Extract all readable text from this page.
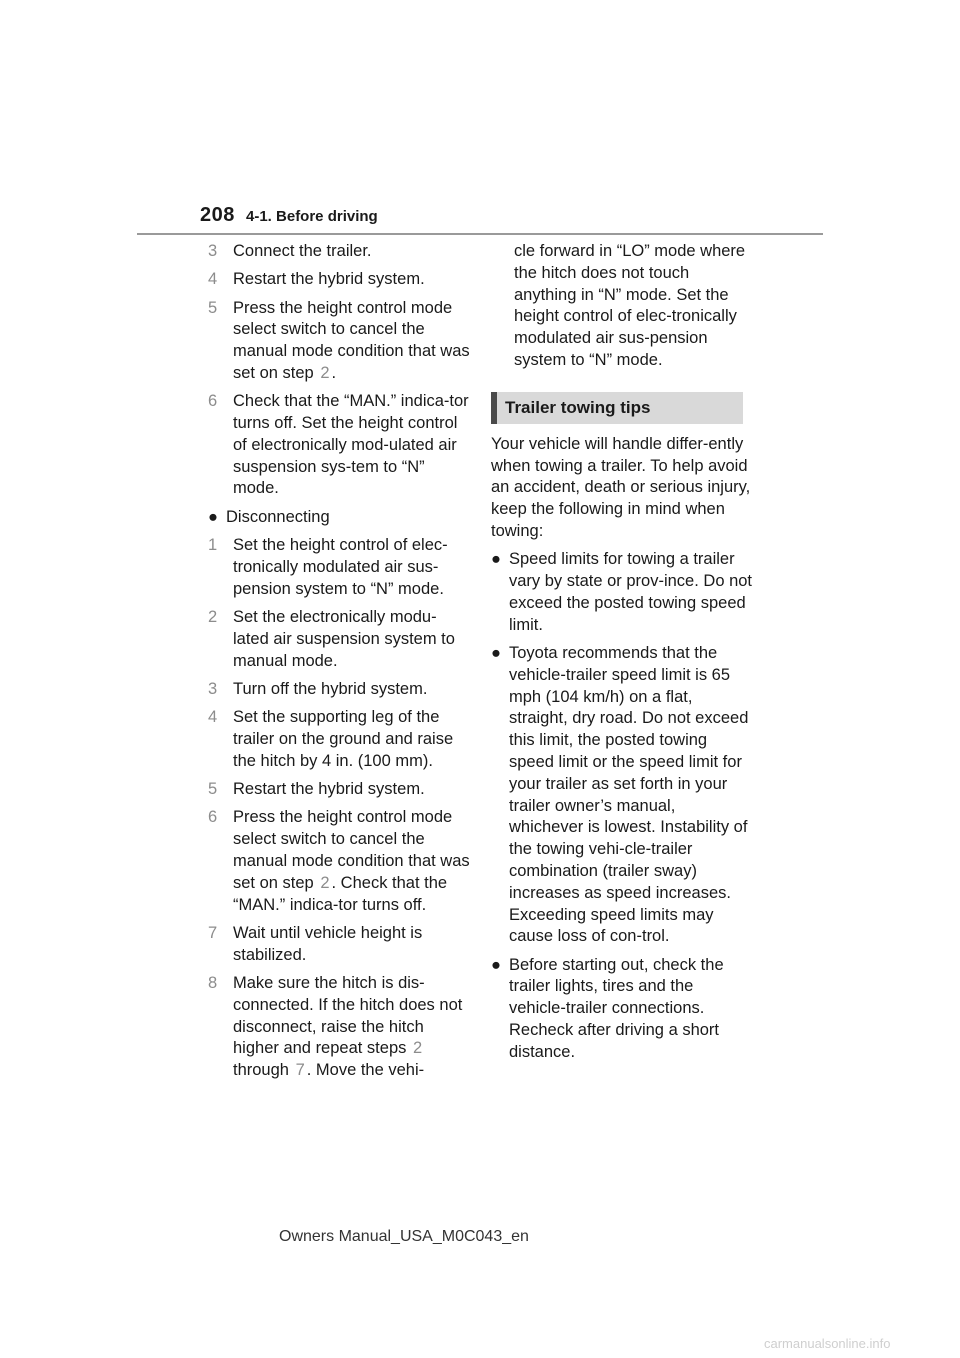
208 4-1. Before driving
3 Connect the trailer.
4 Restart the hybrid system.
5 Press the height control mode select switch to cancel the manual mode condition that was set on step 2 .
6 Check that the “MAN.” indica-tor turns off. Set the height control of electronically mod-ulated air suspension sys-tem to “N” mode.
● Disconnecting
1 Set the height control of elec-tronically modulated air sus-pension system to “N” mode.
2 Set the electronically modu-lated air suspension system to manual mode.
3 Turn off the hybrid system.
4 Set the supporting leg of the trailer on the ground and raise the hitch by 4 in. (100 mm).
5 Restart the hybrid system.
6 Press the height control mode select switch to cancel the manual mode condition that was set on step 2 . Check that the “MAN.” indica-tor turns off.
7 Wait until vehicle height is stabilized.
8 Make sure the hitch is dis-connected. If the hitch does not disconnect, raise the hitch higher and repeat steps 2 through 7 . Move the vehi-
cle forward in “LO” mode where the hitch does not touch anything in “N” mode. Set the height control of elec-tronically modulated air sus-pension system to “N” mode.
Trailer towing tips
Your vehicle will handle differ-ently when towing a trailer. To help avoid an accident, death or serious injury, keep the following in mind when towing:
● Speed limits for towing a trailer vary by state or prov-ince. Do not exceed the posted towing speed limit.
● Toyota recommends that the vehicle-trailer speed limit is 65 mph (104 km/h) on a flat, straight, dry road. Do not exceed this limit, the posted towing speed limit or the speed limit for your trailer as set forth in your trailer owner’s manual, whichever is lowest. Instability of the towing vehi-cle-trailer combination (trailer sway) increases as speed increases. Exceeding speed limits may cause loss of con-trol.
● Before starting out, check the trailer lights, tires and the vehicle-trailer connections. Recheck after driving a short distance.
Owners Manual_USA_M0C043_en
carmanualsonline.info
